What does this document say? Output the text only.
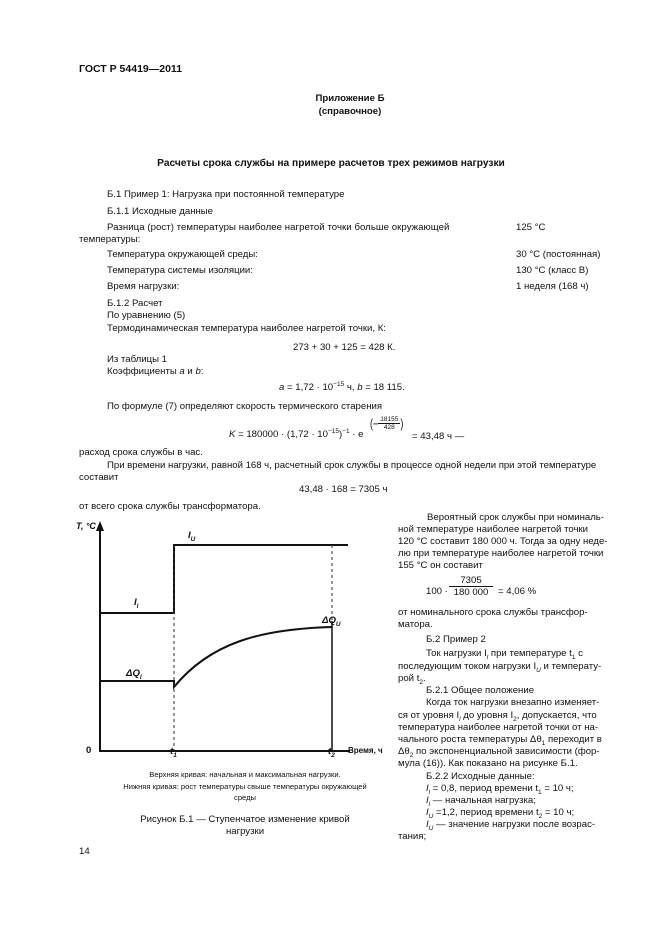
ГОСТ Р 54419—2011
Приложение Б
(справочное)
Расчеты срока службы на примере расчетов трех режимов нагрузки
Б.1 Пример 1: Нагрузка при постоянной температуре
Б.1.1 Исходные данные
Разница (рост) температуры наиболее нагретой точки больше окружающей
температуры:
125 °С
Температура окружающей среды:	30 °С (постоянная)
Температура системы изоляции:	130 °С (класс В)
Время нагрузки:	1 неделя (168 ч)
Б.1.2 Расчет
По уравнению (5)
Термодинамическая температура наиболее нагретой точки, К:
273 + 30 + 125 = 428 К.
Из таблицы 1
Коэффициенты a и b:
$a = 1,72 \cdot 10^{-15}$ ч, b = 18 115.
По формуле (7) определяют скорость термического старения
$K = 180000 \cdot (1,72 \cdot 10^{-15})^{-1} \cdot e$
(− $\frac{18155}{428}$ )
= 43,48 ч —
расход срока службы в час.
При времени нагрузки, равной 168 ч, расчетный срок службы в процессе одной недели при этой температуре
составит
43,48 · 168 = 7305 ч
от всего срока службы трансформатора.
T, °С
Время, ч
0	$t_1$	$t_2$
$I_U$
$I_l$
$\Delta Q_l$
$\Delta Q_U$
Верхняя кривая: начальная и максимальная нагрузки.
Нижняя кривая: рост температуры свыше температуры окружающей
среды
Рисунок Б.1 — Ступенчатое изменение кривой
нагрузки
Вероятный срок службы при номиналь-
ной температуре наиболее нагретой точки
120 °С составит 180 000 ч. Тогда за одну неде-
лю при температуре наиболее нагретой точки
155 °С он составит
$100 \cdot \frac{7305}{180 000} = 4,06$ %
от номинального срока службы трансфор-
матора.
Б.2 Пример 2
Ток нагрузки $I_l$ при температуре $t_1$ с
последующим током нагрузки $I_U$ и температу-
рой $t_2$.
Б.2.1 Общее положение
Когда ток нагрузки внезапно изменяет-
ся от уровня $I_l$ до уровня $I_2$, допускается, что
температура наиболее нагретой точки от на-
чального роста температуры $\Delta\theta_1$ переходит в
$\Delta\theta_2$ по экспоненциальной зависимости (фор-
мула (16)). Как показано на рисунке Б.1.
Б.2.2 Исходные данные:
$I_l = 0,8$, период времени $t_1 = 10$ ч;
$I_l$ — начальная нагрузка;
$I_U =1,2$, период времени $t_2 = 10$ ч;
$I_U$ — значение нагрузки после возрас-
тания;
14
